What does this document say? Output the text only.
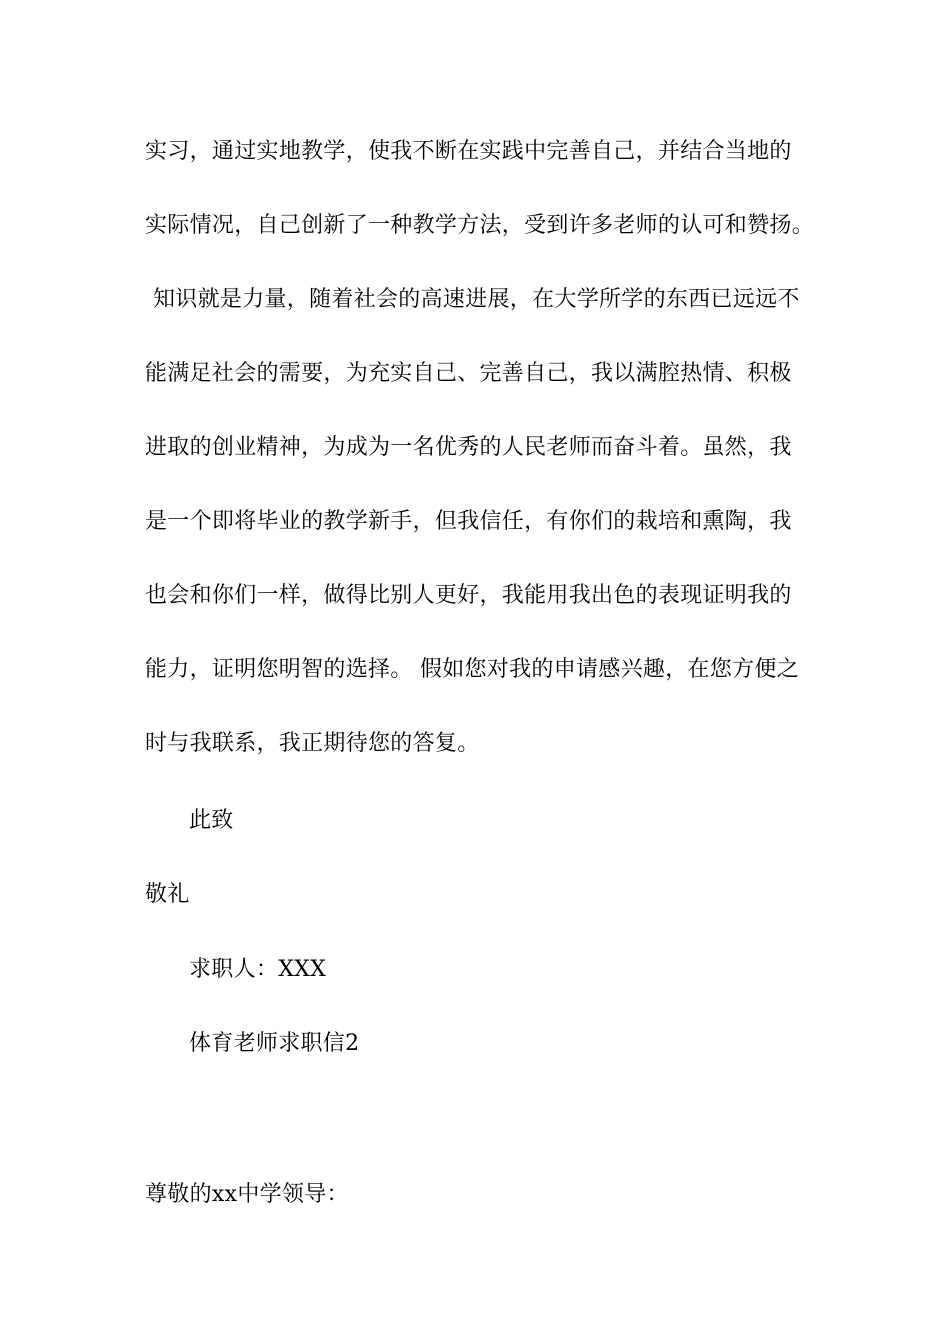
实习，通过实地教学，使我不断在实践中完善自己，并结合当地的
实际情况，自己创新了一种教学方法，受到许多老师的认可和赞扬。
知识就是力量，随着社会的高速进展，在大学所学的东西已远远不
能满足社会的需要，为充实自己、完善自己，我以满腔热情、积极
进取的创业精神，为成为一名优秀的人民老师而奋斗着。虽然，我
是一个即将毕业的教学新手，但我信任，有你们的栽培和熏陶，我
也会和你们一样，做得比别人更好，我能用我出色的表现证明我的
能力，证明您明智的选择。 假如您对我的申请感兴趣，在您方便之
时与我联系，我正期待您的答复。
此致
敬礼
求职人：XXX
体育老师求职信2
尊敬的xx中学领导：
